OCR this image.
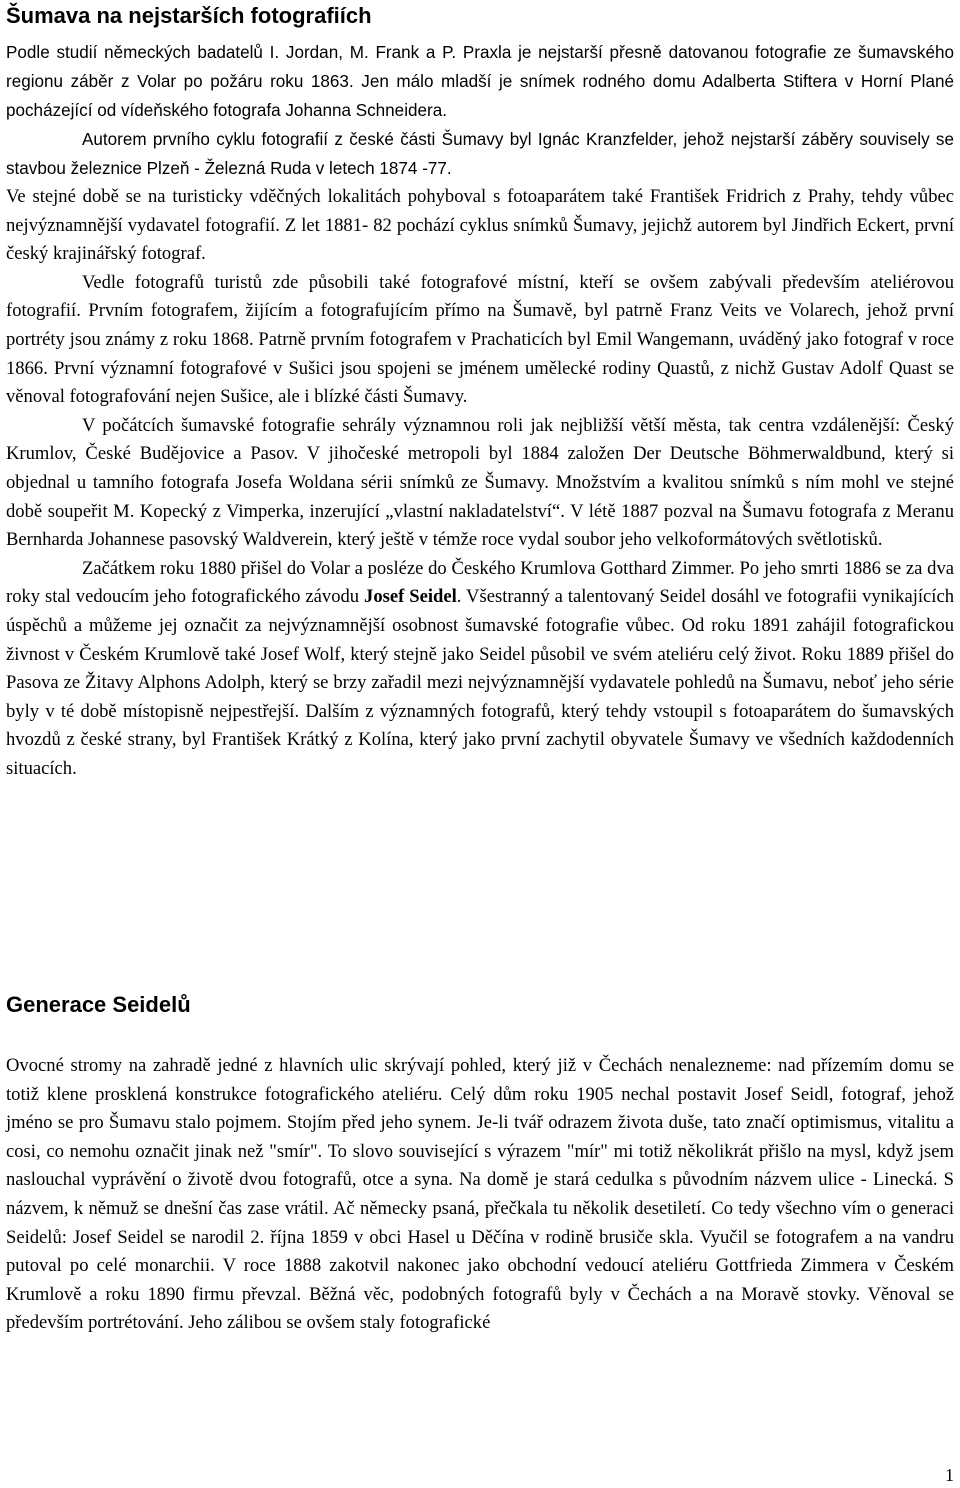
Šumava na nejstarších fotografiích

Podle studií německých badatelů I. Jordan, M. Frank a P. Praxla je nejstarší přesně datovanou fotografie ze šumavského regionu záběr z Volar po požáru roku 1863. Jen málo mladší je snímek rodného domu Adalberta Stiftera v Horní Plané pocházející od vídeňského fotografa Johanna Schneidera.

Autorem prvního cyklu fotografií z české části Šumavy byl Ignác Kranzfelder, jehož nejstarší záběry souvisely se stavbou železnice Plzeň - Železná Ruda v letech 1874 -77.

Ve stejné době se na turisticky vděčných lokalitách pohyboval s fotoaparátem také František Fridrich z Prahy, tehdy vůbec nejvýznamnější vydavatel fotografií. Z let 1881- 82 pochází cyklus snímků Šumavy, jejichž autorem byl Jindřich Eckert, první český krajinářský fotograf.

Vedle fotografů turistů zde působili také fotografové místní, kteří se ovšem zabývali především ateliérovou fotografií. Prvním fotografem, žijícím a fotografujícím přímo na Šumavě, byl patrně Franz Veits ve Volarech, jehož první portréty jsou známy z roku 1868. Patrně prvním fotografem v Prachaticích byl Emil Wangemann, uváděný jako fotograf v roce 1866. První významní fotografové v Sušici jsou spojeni se jménem umělecké rodiny Quastů, z nichž Gustav Adolf Quast se věnoval fotografování nejen Sušice, ale i blízké části Šumavy.

V počátcích šumavské fotografie sehrály významnou roli jak nejbližší větší města, tak centra vzdálenější: Český Krumlov, České Budějovice a Pasov. V jihočeské metropoli byl 1884 založen Der Deutsche Böhmerwaldbund, který si objednal u tamního fotografa Josefa Woldana sérii snímků ze Šumavy. Množstvím a kvalitou snímků s ním mohl ve stejné době soupeřit M. Kopecký z Vimperka, inzerující „vlastní nakladatelství“. V létě 1887 pozval na Šumavu fotografa z Meranu Bernharda Johannese pasovský Waldverein, který ještě v témže roce vydal soubor jeho velkoformátových světlotisků.

Začátkem roku 1880 přišel do Volar a posléze do Českého Krumlova Gotthard Zimmer. Po jeho smrti 1886 se za dva roky stal vedoucím jeho fotografického závodu Josef Seidel. Všestranný a talentovaný Seidel dosáhl ve fotografii vynikajících úspěchů a můžeme jej označit za nejvýznamnější osobnost šumavské fotografie vůbec. Od roku 1891 zahájil fotografickou živnost v Českém Krumlově také Josef Wolf, který stejně jako Seidel působil ve svém ateliéru celý život. Roku 1889 přišel do Pasova ze Žitavy Alphons Adolph, který se brzy zařadil mezi nejvýznamnější vydavatele pohledů na Šumavu, neboť jeho série byly v té době místopisně nejpestřejší. Dalším z významných fotografů, který tehdy vstoupil s fotoaparátem do šumavských hvozdů z české strany, byl František Krátký z Kolína, který jako první zachytil obyvatele Šumavy ve všedních každodenních situacích.

Generace Seidelů

Ovocné stromy na zahradě jedné z hlavních ulic skrývají pohled, který již v Čechách nenalezneme: nad přízemím domu se totiž klene prosklená konstrukce fotografického ateliéru. Celý dům roku 1905 nechal postavit Josef Seidl, fotograf, jehož jméno se pro Šumavu stalo pojmem. Stojím před jeho synem. Je-li tvář odrazem života duše, tato značí optimismus, vitalitu a cosi, co nemohu označit jinak než "smír". To slovo související s výrazem "mír" mi totiž několikrát přišlo na mysl, když jsem naslouchal vyprávění o životě dvou fotografů, otce a syna. Na domě je stará cedulka s původním názvem ulice - Linecká. S názvem, k němuž se dnešní čas zase vrátil. Ač německy psaná, přečkala tu několik desetiletí. Co tedy všechno vím o generaci Seidelů: Josef Seidel se narodil 2. října 1859 v obci Hasel u Děčína v rodině brusiče skla. Vyučil se fotografem a na vandru putoval po celé monarchii. V roce 1888 zakotvil nakonec jako obchodní vedoucí ateliéru Gottfrieda Zimmera v Českém Krumlově a roku 1890 firmu převzal. Běžná věc, podobných fotografů byly v Čechách a na Moravě stovky. Věnoval se především portrétování. Jeho zálibou se ovšem staly fotografické

1
